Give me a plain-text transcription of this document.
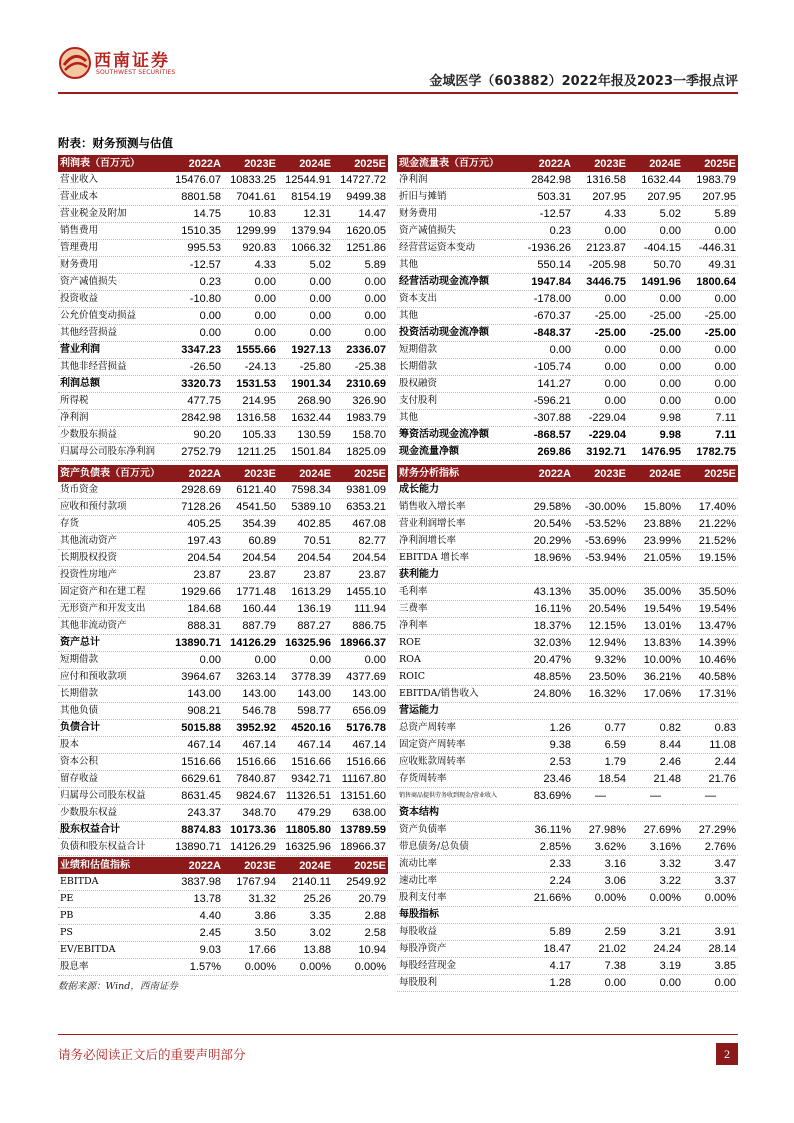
西南证券
SOUTHWEST SECURITIES
金域医学（603882）2022年报及2023一季报点评
附表：财务预测与估值
利润表（百万元）	2022A	2023E	2024E	2025E
营业收入	15476.07	10833.25	12544.91	14727.72
营业成本	8801.58	7041.61	8154.19	9499.38
营业税金及附加	14.75	10.83	12.31	14.47
销售费用	1510.35	1299.99	1379.94	1620.05
管理费用	995.53	920.83	1066.32	1251.86
财务费用	-12.57	4.33	5.02	5.89
资产减值损失	0.23	0.00	0.00	0.00
投资收益	-10.80	0.00	0.00	0.00
公允价值变动损益	0.00	0.00	0.00	0.00
其他经营损益	0.00	0.00	0.00	0.00
营业利润	3347.23	1555.66	1927.13	2336.07
其他非经营损益	-26.50	-24.13	-25.80	-25.38
利润总额	3320.73	1531.53	1901.34	2310.69
所得税	477.75	214.95	268.90	326.90
净利润	2842.98	1316.58	1632.44	1983.79
少数股东损益	90.20	105.33	130.59	158.70
归属母公司股东净利润	2752.79	1211.25	1501.84	1825.09
现金流量表（百万元）	2022A	2023E	2024E	2025E
净利润	2842.98	1316.58	1632.44	1983.79
折旧与摊销	503.31	207.95	207.95	207.95
财务费用	-12.57	4.33	5.02	5.89
资产减值损失	0.23	0.00	0.00	0.00
经营营运资本变动	-1936.26	2123.87	-404.15	-446.31
其他	550.14	-205.98	50.70	49.31
经营活动现金流净额	1947.84	3446.75	1491.96	1800.64
资本支出	-178.00	0.00	0.00	0.00
其他	-670.37	-25.00	-25.00	-25.00
投资活动现金流净额	-848.37	-25.00	-25.00	-25.00
短期借款	0.00	0.00	0.00	0.00
长期借款	-105.74	0.00	0.00	0.00
股权融资	141.27	0.00	0.00	0.00
支付股利	-596.21	0.00	0.00	0.00
其他	-307.88	-229.04	9.98	7.11
筹资活动现金流净额	-868.57	-229.04	9.98	7.11
现金流量净额	269.86	3192.71	1476.95	1782.75
资产负债表（百万元）	2022A	2023E	2024E	2025E
货币资金	2928.69	6121.40	7598.34	9381.09
应收和预付款项	7128.26	4541.50	5389.10	6353.21
存货	405.25	354.39	402.85	467.08
其他流动资产	197.43	60.89	70.51	82.77
长期股权投资	204.54	204.54	204.54	204.54
投资性房地产	23.87	23.87	23.87	23.87
固定资产和在建工程	1929.66	1771.48	1613.29	1455.10
无形资产和开发支出	184.68	160.44	136.19	111.94
其他非流动资产	888.31	887.79	887.27	886.75
资产总计	13890.71	14126.29	16325.96	18966.37
短期借款	0.00	0.00	0.00	0.00
应付和预收款项	3964.67	3263.14	3778.39	4377.69
长期借款	143.00	143.00	143.00	143.00
其他负债	908.21	546.78	598.77	656.09
负债合计	5015.88	3952.92	4520.16	5176.78
股本	467.14	467.14	467.14	467.14
资本公积	1516.66	1516.66	1516.66	1516.66
留存收益	6629.61	7840.87	9342.71	11167.80
归属母公司股东权益	8631.45	9824.67	11326.51	13151.60
少数股东权益	243.37	348.70	479.29	638.00
股东权益合计	8874.83	10173.36	11805.80	13789.59
负债和股东权益合计	13890.71	14126.29	16325.96	18966.37
财务分析指标	2022A	2023E	2024E	2025E
成长能力				
销售收入增长率	29.58%	-30.00%	15.80%	17.40%
营业利润增长率	20.54%	-53.52%	23.88%	21.22%
净利润增长率	20.29%	-53.69%	23.99%	21.52%
EBITDA 增长率	18.96%	-53.94%	21.05%	19.15%
获利能力				
毛利率	43.13%	35.00%	35.00%	35.50%
三费率	16.11%	20.54%	19.54%	19.54%
净利率	18.37%	12.15%	13.01%	13.47%
ROE	32.03%	12.94%	13.83%	14.39%
ROA	20.47%	9.32%	10.00%	10.46%
ROIC	48.85%	23.50%	36.21%	40.58%
EBITDA/销售收入	24.80%	16.32%	17.06%	17.31%
营运能力				
总资产周转率	1.26	0.77	0.82	0.83
固定资产周转率	9.38	6.59	8.44	11.08
应收账款周转率	2.53	1.79	2.46	2.44
存货周转率	23.46	18.54	21.48	21.76
销售商品提供劳务收到现金/营业收入	83.69%	—	—	—
资本结构				
资产负债率	36.11%	27.98%	27.69%	27.29%
带息债务/总负债	2.85%	3.62%	3.16%	2.76%
流动比率	2.33	3.16	3.32	3.47
速动比率	2.24	3.06	3.22	3.37
股利支付率	21.66%	0.00%	0.00%	0.00%
每股指标				
每股收益	5.89	2.59	3.21	3.91
每股净资产	18.47	21.02	24.24	28.14
每股经营现金	4.17	7.38	3.19	3.85
每股股利	1.28	0.00	0.00	0.00
业绩和估值指标	2022A	2023E	2024E	2025E
EBITDA	3837.98	1767.94	2140.11	2549.92
PE	13.78	31.32	25.26	20.79
PB	4.40	3.86	3.35	2.88
PS	2.45	3.50	3.02	2.58
EV/EBITDA	9.03	17.66	13.88	10.94
股息率	1.57%	0.00%	0.00%	0.00%
数据来源：Wind，西南证券
请务必阅读正文后的重要声明部分	2
